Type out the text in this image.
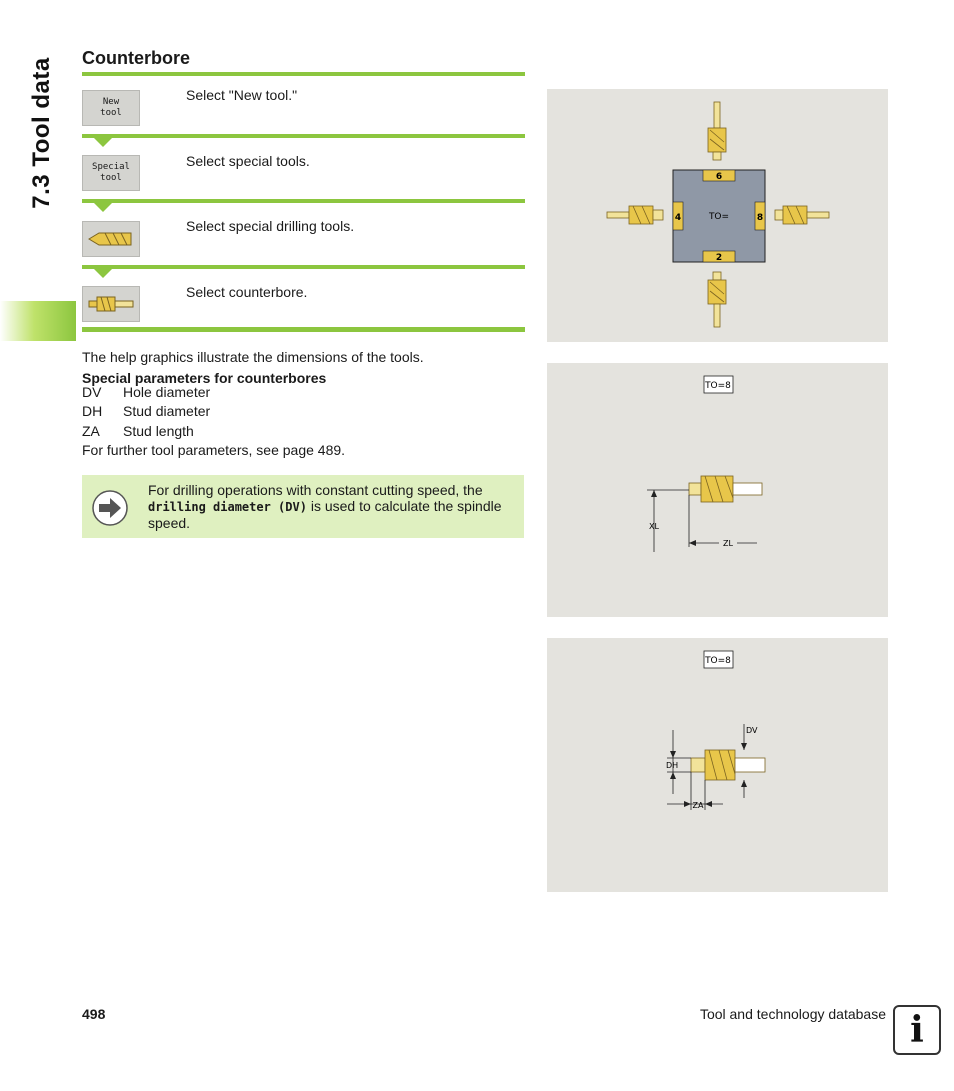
7.3 Tool data Counterbore
New
tool
Select "New tool."
Special
tool
Select special tools.
Select special drilling tools.
Select counterbore.
The help graphics illustrate the dimensions of the tools.
Special parameters for counterbores
DV Hole diameter
DH Stud diameter
ZA Stud length
For further tool parameters, see page 489.
For drilling operations with constant cutting speed, the drilling diameter (DV) is used to calculate the spindle speed.
6
4	TO=	8
2
TO=8
XL
ZL
TO=8
DV
DH
ZA
498	Tool and technology database i
